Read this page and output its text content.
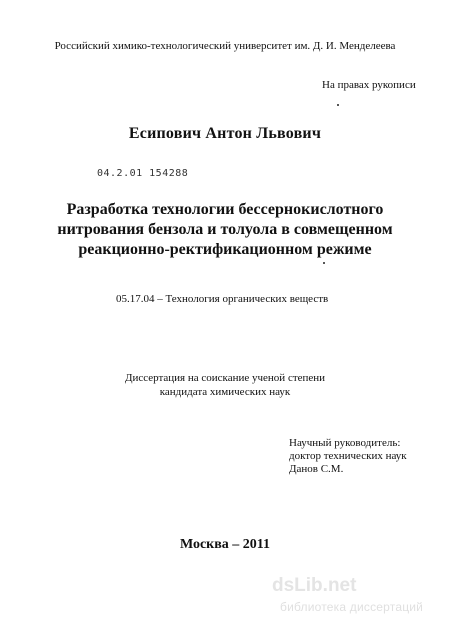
Российский химико-технологический университет им. Д. И. Менделеева
На правах рукописи
Есипович Антон Львович
04.2.01 154288
Разработка технологии бессернокислотного
нитрования бензола и толуола в совмещенном
реакционно-ректификационном режиме
05.17.04 – Технология органических веществ
Диссертация на соискание ученой степени
кандидата химических наук
Научный руководитель:
доктор технических наук
Данов С.М.
Москва – 2011
dsLib.net
библиотека диссертаций
